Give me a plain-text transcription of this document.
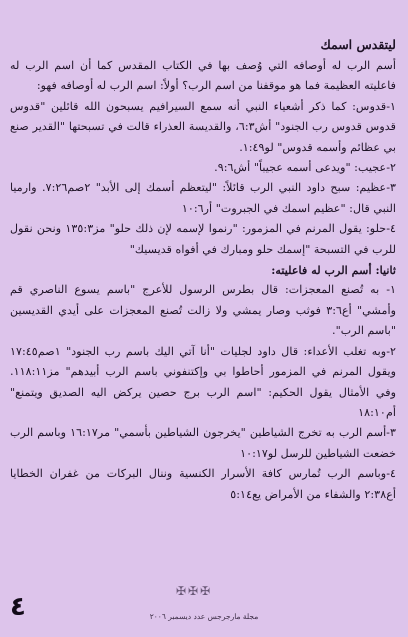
ليتقدس اسمك

أسم الرب له أوصافه التي وُصف بها في الكتاب المقدس كما أن اسم الرب له فاعليته العظيمة فما هو موقفنا من اسم الرب؟ أولاً: اسم الرب له أوصافه فهو:

١-قدوس: كما ذكر أشعياء النبي أنه سمع السيرافيم يسبحون الله قائلين "قدوس قدوس قدوس رب الجنود" أش٦:٣، والقديسة العذراء قالت في تسبحتها "القدير صنع بي عظائم وأسمه قدوس" لو١:٤٩.

٢-عجيب: "ويدعى أسمه عجيباً" أش٩:٦.

٣-عظيم: سبح داود النبي الرب قائلاً: "ليتعظم أسمك إلى الأبد" ٢صم٧:٢٦. وارميا النبي قال: "عظيم اسمك في الجبروت" أر١٠:٦

٤-حلو: يقول المرنم في المزمور: "رنموا لإسمه لإن ذلك حلو" مز١٣٥:٣ ونحن نقول للرب في التسبحة "إسمك حلو ومبارك في أفواه قديسيك"

ثانيا: أسم الرب له فاعليته:

١- به تُصنع المعجزات: قال بطرس الرسول للأعرج "باسم يسوع الناصري قم وأمشي" أع٣:٦ فوثب وصار يمشي ولا زالت تُصنع المعجزات على أيدي القديسين "باسم الرب".

٢-وبه تغلب الأعداء: قال داود لجليات "أنا آتي اليك باسم رب الجنود" ١صم١٧:٤٥ ويقول المرنم في المزمور أحاطوا بي وإكتنفوني باسم الرب أبيدهم" مز١١٨:١١. وفي الأمثال يقول الحكيم: "اسم الرب برج حصين يركض اليه الصديق ويتمنع" أم١٨:١٠

٣-أسم الرب به تخرج الشياطين "يخرجون الشياطين بأسمي" مر١٦:١٧ وباسم الرب خضعت الشياطين للرسل لو١٠:١٧

٤-وباسم الرب تُمارس كافة الأسرار الكنسية وننال البركات من غفران الخطايا أع٢:٣٨ والشفاء من الأمراض يع٥:١٤

✠✠✠
٤	مجلة مارجرجس عدد ديسمبر ٢٠٠٦
